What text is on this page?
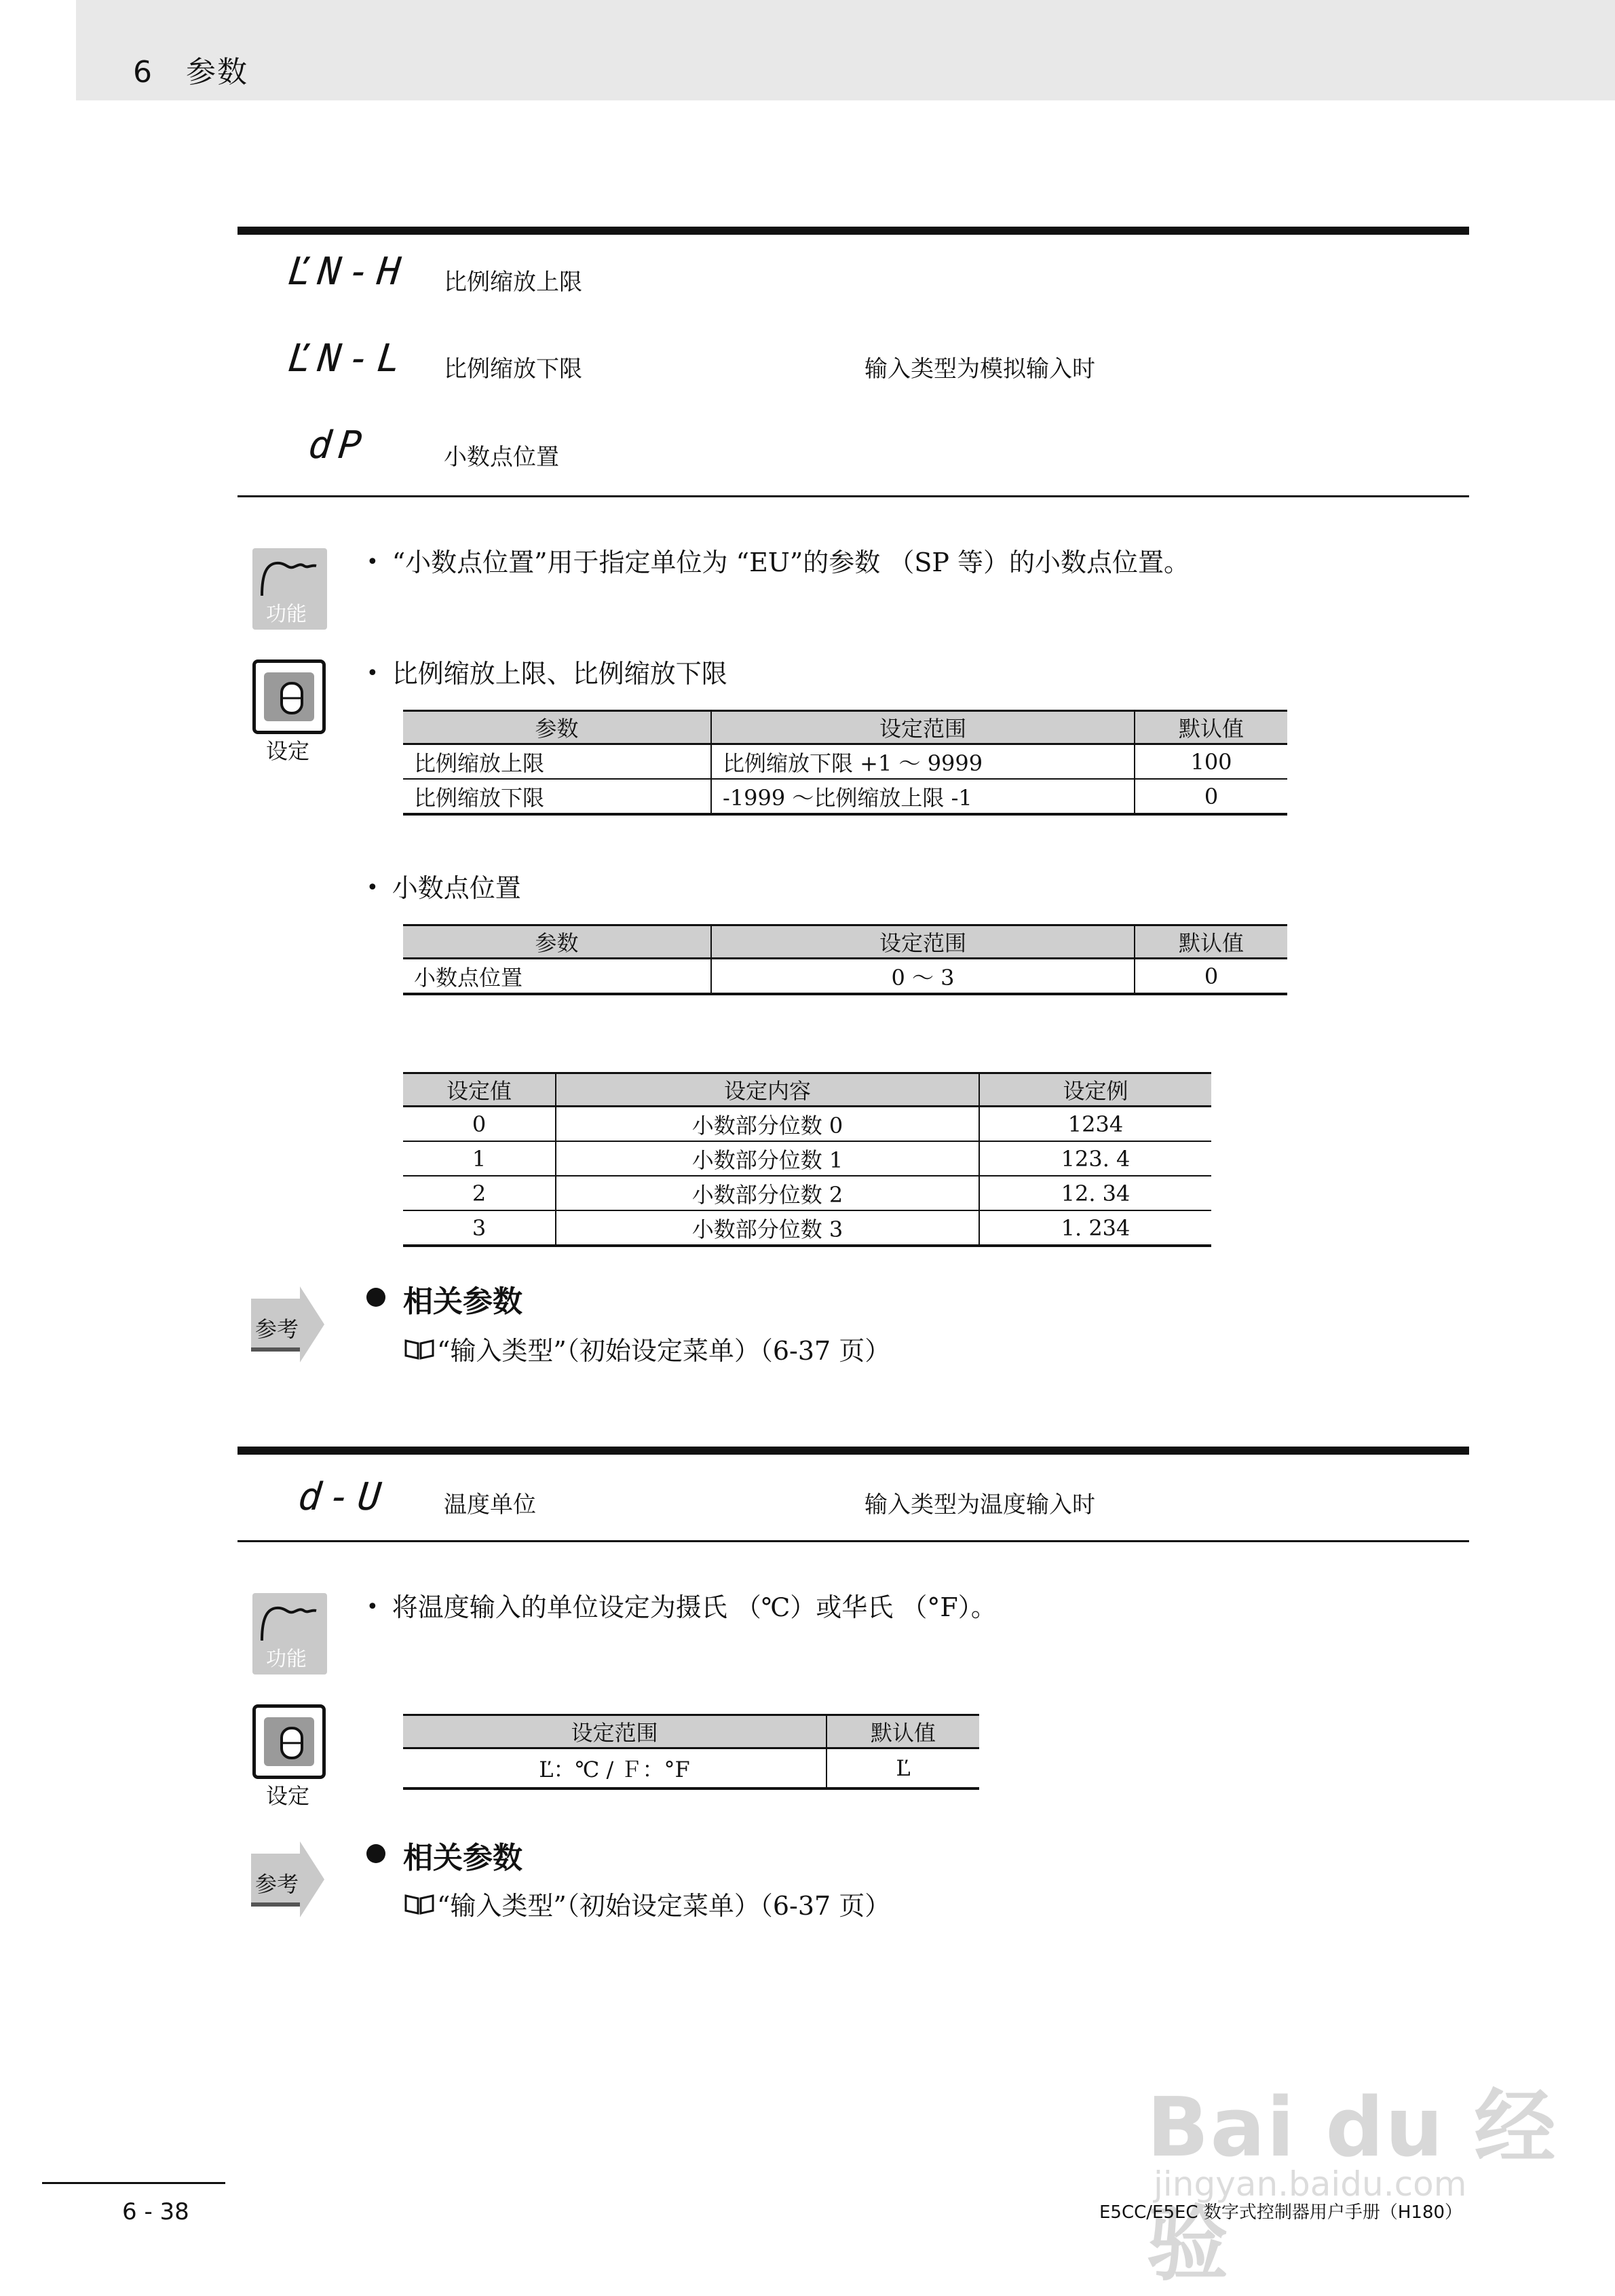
6 参数
ĽN-H 比例缩放上限
ĽN-L 比例缩放下限	输入类型为模拟输入时
dP	小数点位置
功能
• “小数点位置”用于指定单位为 “EU”的参数 （SP 等）的小数点位置。
设定
• 比例缩放上限、比例缩放下限
参数	设定范围	默认值
比例缩放上限	比例缩放下限 +1 ～ 9999	100
比例缩放下限	-1999 ～比例缩放上限 -1	0
• 小数点位置
参数	设定范围	默认值
小数点位置	0 ～ 3	0
设定值	设定内容	设定例
0	小数部分位数 0	1234
1	小数部分位数 1	123. 4
2	小数部分位数 2	12. 34
3	小数部分位数 3	1. 234
参考
相关参数
“输入类型”（初始设定菜单）（6-37 页）
d-U 温度单位	输入类型为温度输入时
功能
• 将温度输入的单位设定为摄氏 （℃）或华氏 （°F）。
设定
设定范围	默认值
Ľ：℃ / Ｆ：°F	Ľ
参考
相关参数
“输入类型”（初始设定菜单）（6-37 页）
Bai du 经验
jingyan.baidu.com
6 - 38	E5CC/E5EC 数字式控制器用户手册（H180）
